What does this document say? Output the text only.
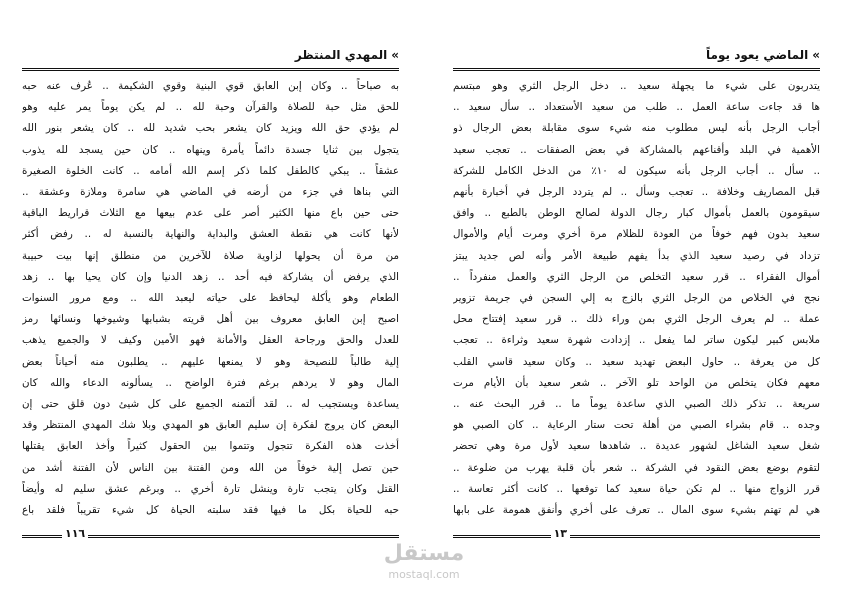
»المهدي المنتظر
به صباحاً .. وكان إبن العابق قوي البنية وقوي الشكيمة .. عُرف عنه حبه
للحق مثل حبة للصلاة والقرآن وحبة لله .. لم يكن يوماً يمر عليه وهو
لم يؤدي حق الله ويزيد كان يشعر بحب شديد لله .. كان يشعر بنور الله
يتجول بين ثنايا جسدة دائماً يأمرة وينهاه .. كان حين يسجد لله يذوب
عشقاً .. يبكي كالطفل كلما ذكر إسم الله أمامه .. كانت الخلوة الصغيرة
التي بناها في جزء من أرضه في الماضي هي سامرة وملازة وعشقة ..
حتى حين باع منها الكثير أصر على عدم بيعها مع الثلاث قراريط الباقية
لأنها كانت هي نقطة العشق والبداية والنهاية بالنسبة له .. رفض أكثر
من مرة أن يحولها لزاوية صلاة للآخرين من منطلق إنها بيت حبيبة
الذي يرفض أن يشاركة فيه أحد .. زهد الدنيا وإن كان يحيا بها .. زهد
الطعام وهو يأكلة ليحافظ على حياته ليعبد الله .. ومع مرور السنوات
اصبح إبن العابق معروف بين أهل قريته بشبابها وشيوخها ونسائها رمز
للعدل والحق ورجاحة العقل والأمانة فهو الأمين وكيف لا والجميع يذهب
إلية طالباً للنصيحة وهو لا يمنعها عليهم .. يطلبون منه أحياناً بعض
المال وهو لا يردهم برغم فترة الواضح .. يسألونه الدعاء والله كان
يساعدة ويستجيب له .. لقد ألتمنه الجميع على كل شيئ دون قلق حتى إن
البعض كان يروج لفكرة إن سليم العابق هو المهدي وبلا شك المهدي المنتظر وقد
أخذت هذه الفكرة تتجول وتتموا بين الحقول كثيراً وأخذ العابق يقتلها
حين تصل إلية خوفاً من الله ومن الفتنة بين الناس لأن الفتنة أشد من
القتل وكان يتجب تارة وينشل تارة أخري .. وبرغم عشق سليم له وأيضاً
حبه للحياة بكل ما فيها فقد سلبته الحياة كل شيء تقريباً فلقد باع
١١٦
»الماضي يعود يوماً
يتدربون على شيء ما يجهلة سعيد .. دخل الرجل الثري وهو مبتسم
ها قد جاءت ساعة العمل .. طلب من سعيد الأستعداد .. سأل سعيد ..
أجاب الرجل بأنه ليس مطلوب منه شيء سوى مقابلة بعض الرجال ذو
الأهمية في البلد وأقناعهم بالمشاركة في بعض الصفقات .. تعجب سعيد
.. سأل .. أجاب الرجل بأنه سيكون له ١٠٪ من الدخل الكامل للشركة
قبل المصاريف وخلافة .. تعجب وسأل .. لم يتردد الرجل في أخبارة بأنهم
سيقومون بالعمل بأموال كبار رجال الدولة لصالح الوطن بالطبع .. وافق
سعيد بدون فهم خوفاً من العودة للظلام مرة أخري ومرت أيام والأموال
تزداد في رصيد سعيد الذي بدأ يفهم طبيعة الأمر وأنه لص جديد يبتز
أموال الفقراء .. قرر سعيد التخلص من الرجل الثري والعمل منفرداً ..
نجح في الخلاص من الرجل الثري بالزج به إلي السجن في جريمة تزوير
عملة .. لم يعرف الرجل الثري بمن وراء ذلك .. قرر سعيد إفتتاح محل
ملابس كبير ليكون ساتر لما يفعل .. إزدادت شهرة سعيد وثراءة .. تعجب
كل من يعرفة .. حاول البعض تهديد سعيد .. وكان سعيد قاسي القلب
معهم فكان يتخلص من الواحد تلو الآخر .. شعر سعيد بأن الأيام مرت
سريعة .. تذكر ذلك الصبي الذي ساعدة يوماً ما .. قرر البحث عنه ..
وجده .. قام بشراء الصبي من أهلة تحت ستار الرعاية .. كان الصبي هو
شغل سعيد الشاغل لشهور عديدة .. شاهدها سعيد لأول مرة وهي تحضر
لتقوم بوضع بعض النقود في الشركة .. شعر بأن قلبة يهرب من ضلوعة ..
قرر الزواج منها .. لم تكن حياة سعيد كما توقعها .. كانت أكثر تعاسة ..
هي لم تهتم بشيء سوى المال .. تعرف على أخري وأنفق همومة على بابها
١٣
مستقل
mostaql.com
